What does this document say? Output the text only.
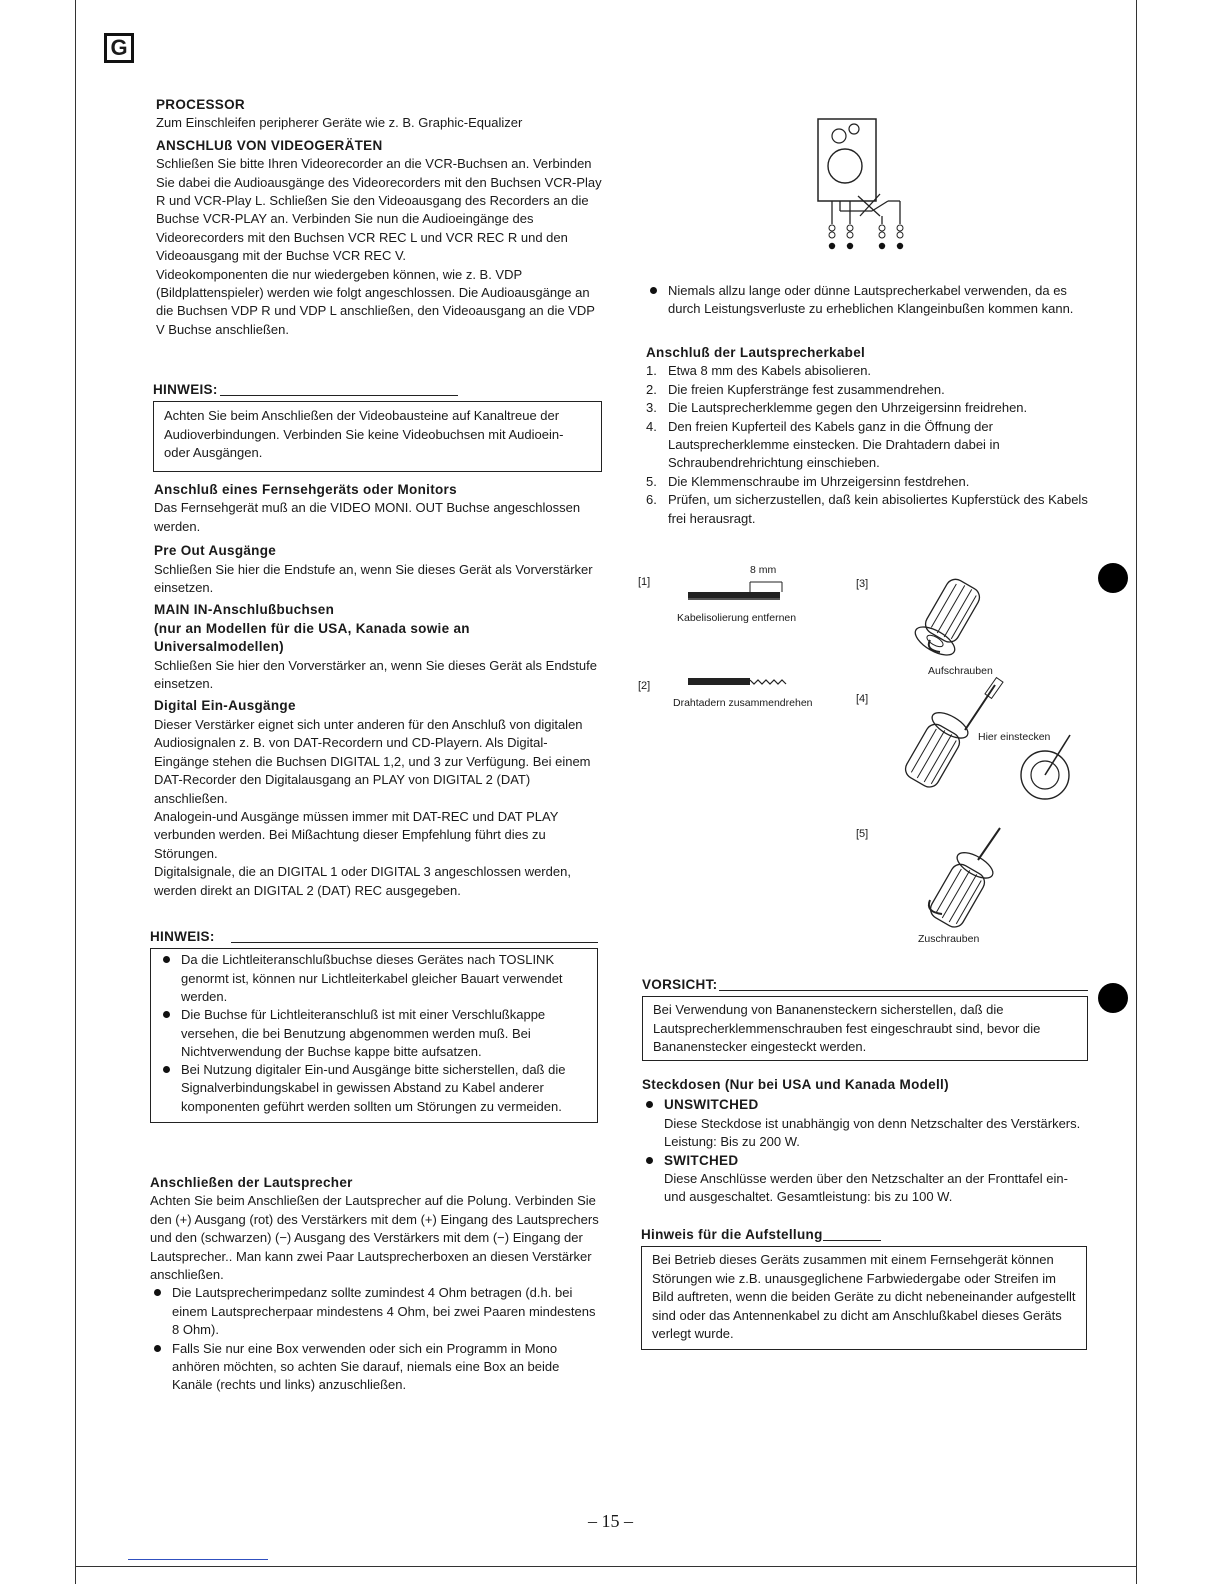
G
PROCESSOR

Zum Einschleifen peripherer Geräte wie z. B. Graphic-Equalizer

ANSCHLUß VON VIDEOGERÄTEN

Schließen Sie bitte Ihren Videorecorder an die VCR-Buchsen an. Verbinden Sie dabei die Audioausgänge des Videorecorders mit den Buchsen VCR-Play R und VCR-Play L. Schließen Sie den Videoausgang des Recorders an die Buchse VCR-PLAY an. Verbinden Sie nun die Audioeingänge des Videorecorders mit den Buchsen VCR REC L und VCR REC R und den Videoausgang mit der Buchse VCR REC V.

Videokomponenten die nur wiedergeben können, wie z. B. VDP (Bildplattenspieler) werden wie folgt angeschlossen. Die Audioausgänge an die Buchsen VDP R und VDP L anschließen, den Videoausgang an die VDP V Buchse anschließen.

HINWEIS:
Achten Sie beim Anschließen der Videobausteine auf Kanaltreue der Audioverbindungen. Verbinden Sie keine Videobuchsen mit Audioein- oder Ausgängen.
Anschluß eines Fernsehgeräts oder Monitors

Das Fernsehgerät muß an die VIDEO MONI. OUT Buchse angeschlossen werden.

Pre Out Ausgänge

Schließen Sie hier die Endstufe an, wenn Sie dieses Gerät als Vorverstärker einsetzen.

MAIN IN-Anschlußbuchsen
(nur an Modellen für die USA, Kanada sowie an Universalmodellen)

Schließen Sie hier den Vorverstärker an, wenn Sie dieses Gerät als Endstufe einsetzen.

Digital Ein-Ausgänge

Dieser Verstärker eignet sich unter anderen für den Anschluß von digitalen Audiosignalen z. B. von DAT-Recordern und CD-Playern. Als Digital-Eingänge stehen die Buchsen DIGITAL 1,2, und 3 zur Verfügung. Bei einem DAT-Recorder den Digitalausgang an PLAY von DIGITAL 2 (DAT) anschließen.

Analogein-und Ausgänge müssen immer mit DAT-REC und DAT PLAY verbunden werden. Bei Mißachtung dieser Empfehlung führt dies zu Störungen.

Digitalsignale, die an DIGITAL 1 oder DIGITAL 3 angeschlossen werden, werden direkt an DIGITAL 2 (DAT) REC ausgegeben.

HINWEIS:
Da die Lichtleiteranschlußbuchse dieses Gerätes nach TOSLINK genormt ist, können nur Lichtleiterkabel gleicher Bauart verwendet werden.
Die Buchse für Lichtleiteranschluß ist mit einer Verschlußkappe versehen, die bei Benutzung abgenommen werden muß. Bei Nichtverwendung der Buchse kappe bitte aufsatzen.
Bei Nutzung digitaler Ein-und Ausgänge bitte sicherstellen, daß die Signalverbindungskabel in gewissen Abstand zu Kabel anderer komponenten geführt werden sollten um Störungen zu vermeiden.
Anschließen der Lautsprecher

Achten Sie beim Anschließen der Lautsprecher auf die Polung. Verbinden Sie den (+) Ausgang (rot) des Verstärkers mit dem (+) Eingang des Lautsprechers und den (schwarzen) (−) Ausgang des Verstärkers mit dem (−) Eingang der Lautsprecher.. Man kann zwei Paar Lautsprecherboxen an diesen Verstärker anschließen.

Die Lautsprecherimpedanz sollte zumindest 4 Ohm betragen (d.h. bei einem Lautsprecherpaar mindestens 4 Ohm, bei zwei Paaren mindestens 8 Ohm).
Falls Sie nur eine Box verwenden oder sich ein Programm in Mono anhören möchten, so achten Sie darauf, niemals eine Box an beide Kanäle (rechts und links) anzuschließen.
Niemals allzu lange oder dünne Lautsprecherkabel verwenden, da es durch Leistungsverluste zu erheblichen Klangeinbußen kommen kann.
Anschluß der Lautsprecherkabel
1. Etwa 8 mm des Kabels abisolieren.
2. Die freien Kupferstränge fest zusammendrehen.
3. Die Lautsprecherklemme gegen den Uhrzeigersinn freidrehen.
4. Den freien Kupferteil des Kabels ganz in die Öffnung der Lautsprecherklemme einstecken. Die Drahtadern dabei in Schraubendrehrichtung einschieben.
5. Die Klemmenschraube im Uhrzeigersinn festdrehen.
6. Prüfen, um sicherzustellen, daß kein abisoliertes Kupferstück des Kabels frei herausragt.
[1]
[2]
[3]
[4]
[5]
8 mm
Kabelisolierung entfernen
Drahtadern zusammendrehen
Aufschrauben
Hier einstecken
Zuschrauben
VORSICHT:
Bei Verwendung von Bananensteckern sicherstellen, daß die Lautsprecherklemmenschrauben fest eingeschraubt sind, bevor die Bananenstecker eingesteckt werden.
Steckdosen (Nur bei USA und Kanada Modell)
UNSWITCHED

Diese Steckdose ist unabhängig von denn Netzschalter des Verstärkers. Leistung: Bis zu 200 W.

SWITCHED

Diese Anschlüsse werden über den Netzschalter an der Fronttafel ein- und ausgeschaltet. Gesamtleistung: bis zu 100 W.

Hinweis für die Aufstellung
Bei Betrieb dieses Geräts zusammen mit einem Fernsehgerät können Störungen wie z.B. unausgeglichene Farbwiedergabe oder Streifen im Bild auftreten, wenn die beiden Geräte zu dicht nebeneinander aufgestellt sind oder das Antennenkabel zu dicht am Anschlußkabel dieses Geräts verlegt wurde.
– 15 –
